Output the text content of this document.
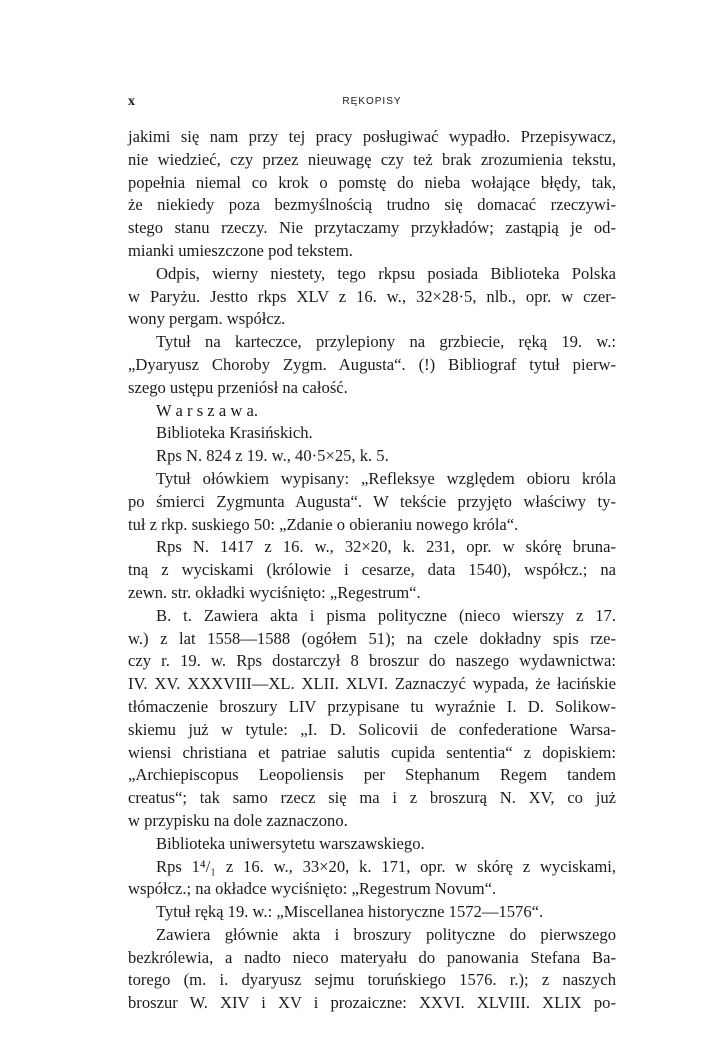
x	RĘKOPISY
jakimi się nam przy tej pracy posługiwać wypadło. Przepisywacz,
nie wiedzieć, czy przez nieuwagę czy też brak zrozumienia tekstu,
popełnia niemal co krok o pomstę do nieba wołające błędy, tak,
że niekiedy poza bezmyślnością trudno się domacać rzeczywi-
stego stanu rzeczy. Nie przytaczamy przykładów; zastąpią je od-
mianki umieszczone pod tekstem.
Odpis, wierny niestety, tego rkpsu posiada Biblioteka Polska
w Paryżu. Jestto rkps XLV z 16. w., 32×28·5, nlb., opr. w czer-
wony pergam. współcz.
Tytuł na karteczce, przylepiony na grzbiecie, ręką 19. w.:
„Dyaryusz Choroby Zygm. Augusta“. (!) Bibliograf tytuł pierw-
szego ustępu przeniósł na całość.
W a r s z a w a.
Biblioteka Krasińskich.
Rps N. 824 z 19. w., 40·5×25, k. 5.
Tytuł ołówkiem wypisany: „Refleksye względem obioru króla
po śmierci Zygmunta Augusta“. W tekście przyjęto właściwy ty-
tuł z rkp. suskiego 50: „Zdanie o obieraniu nowego króla“.
Rps N. 1417 z 16. w., 32×20, k. 231, opr. w skórę bruna-
tną z wyciskami (królowie i cesarze, data 1540), współcz.; na
zewn. str. okładki wyciśnięto: „Regestrum“.
B. t. Zawiera akta i pisma polityczne (nieco wierszy z 17.
w.) z lat 1558—1588 (ogółem 51); na czele dokładny spis rze-
czy r. 19. w. Rps dostarczył 8 broszur do naszego wydawnictwa:
IV. XV. XXXVIII—XL. XLII. XLVI. Zaznaczyć wypada, że łacińskie
tłómaczenie broszury LIV przypisane tu wyraźnie I. D. Solikow-
skiemu już w tytule: „I. D. Solicovii de confederatione Warsa-
wiensi christiana et patriae salutis cupida sententia“ z dopiskiem:
„Archiepiscopus Leopoliensis per Stephanum Regem tandem
creatus“; tak samo rzecz się ma i z broszurą N. XV, co już
w przypisku na dole zaznaczono.
Biblioteka uniwersytetu warszawskiego.
Rps 1⁴/₁ z 16. w., 33×20, k. 171, opr. w skórę z wyciskami,
współcz.; na okładce wyciśnięto: „Regestrum Novum“.
Tytuł ręką 19. w.: „Miscellanea historyczne 1572—1576“.
Zawiera głównie akta i broszury polityczne do pierwszego
bezkrólewia, a nadto nieco materyału do panowania Stefana Ba-
torego (m. i. dyaryusz sejmu toruńskiego 1576. r.); z naszych
broszur W. XIV i XV i prozaiczne: XXVI. XLVIII. XLIX po-
